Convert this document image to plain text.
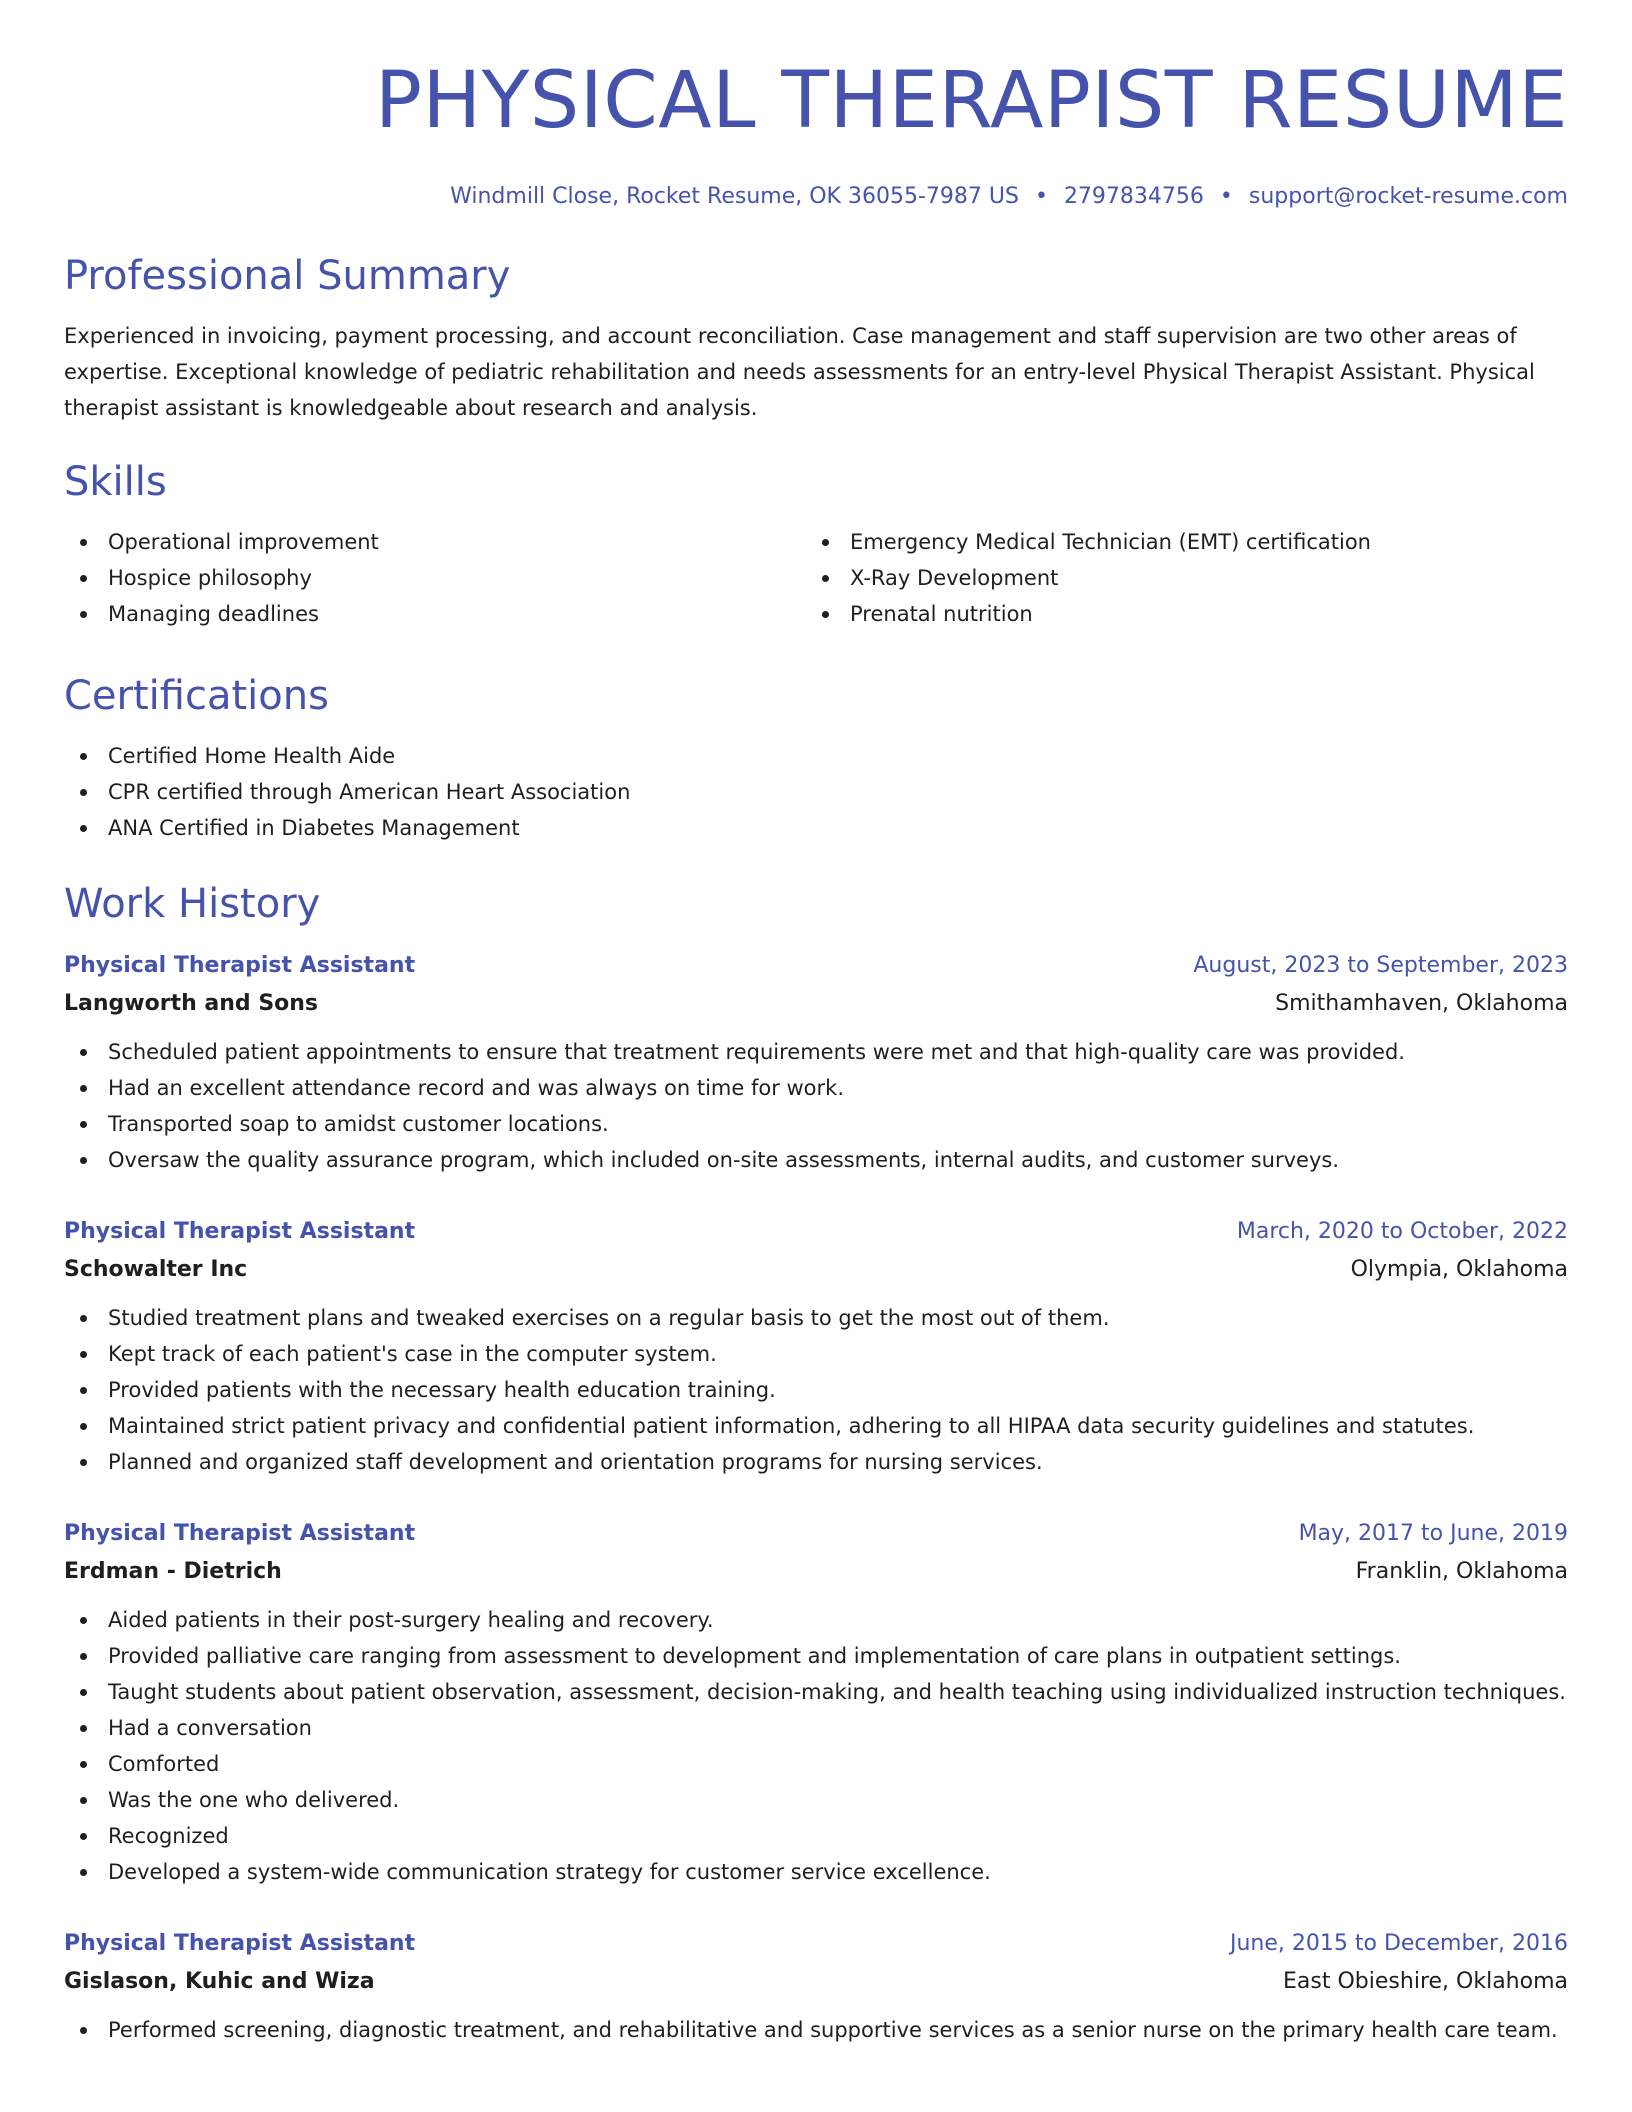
PHYSICAL THERAPIST RESUME
Windmill Close, Rocket Resume, OK 36055-7987 US • 2797834756 • support@rocket-resume.com
Professional Summary
Experienced in invoicing, payment processing, and account reconciliation. Case management and staff supervision are two other areas of expertise. Exceptional knowledge of pediatric rehabilitation and needs assessments for an entry-level Physical Therapist Assistant. Physical therapist assistant is knowledgeable about research and analysis.
Skills
Operational improvement
Hospice philosophy
Managing deadlines
Emergency Medical Technician (EMT) certification
X-Ray Development
Prenatal nutrition
Certifications
Certified Home Health Aide
CPR certified through American Heart Association
ANA Certified in Diabetes Management
Work History
Physical Therapist Assistant	August, 2023 to September, 2023
Langworth and Sons	Smithamhaven, Oklahoma
Scheduled patient appointments to ensure that treatment requirements were met and that high-quality care was provided.
Had an excellent attendance record and was always on time for work.
Transported soap to amidst customer locations.
Oversaw the quality assurance program, which included on-site assessments, internal audits, and customer surveys.
Physical Therapist Assistant	March, 2020 to October, 2022
Schowalter Inc	Olympia, Oklahoma
Studied treatment plans and tweaked exercises on a regular basis to get the most out of them.
Kept track of each patient's case in the computer system.
Provided patients with the necessary health education training.
Maintained strict patient privacy and confidential patient information, adhering to all HIPAA data security guidelines and statutes.
Planned and organized staff development and orientation programs for nursing services.
Physical Therapist Assistant	May, 2017 to June, 2019
Erdman - Dietrich	Franklin, Oklahoma
Aided patients in their post-surgery healing and recovery.
Provided palliative care ranging from assessment to development and implementation of care plans in outpatient settings.
Taught students about patient observation, assessment, decision-making, and health teaching using individualized instruction techniques.
Had a conversation
Comforted
Was the one who delivered.
Recognized
Developed a system-wide communication strategy for customer service excellence.
Physical Therapist Assistant	June, 2015 to December, 2016
Gislason, Kuhic and Wiza	East Obieshire, Oklahoma
Performed screening, diagnostic treatment, and rehabilitative and supportive services as a senior nurse on the primary health care team.
